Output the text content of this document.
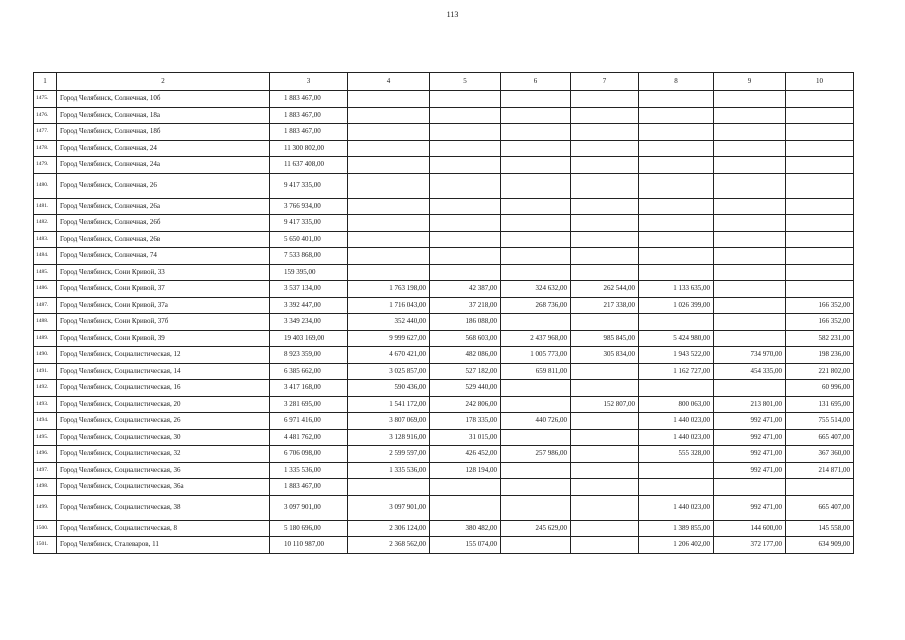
113
1	2	3	4	5	6	7	8	9	10
1475.	Город Челябинск, Солнечная, 10б	1 883 467,00							
1476.	Город Челябинск, Солнечная, 18а	1 883 467,00							
1477.	Город Челябинск, Солнечная, 18б	1 883 467,00							
1478.	Город Челябинск, Солнечная, 24	11 300 802,00							
1479.	Город Челябинск, Солнечная, 24а	11 637 408,00							
1480.	Город Челябинск, Солнечная, 26	9 417 335,00							
1481.	Город Челябинск, Солнечная, 26а	3 766 934,00							
1482.	Город Челябинск, Солнечная, 26б	9 417 335,00							
1483.	Город Челябинск, Солнечная, 26в	5 650 401,00							
1484.	Город Челябинск, Солнечная, 74	7 533 868,00							
1485.	Город Челябинск, Сони Кривой, 33	159 395,00							
1486.	Город Челябинск, Сони Кривой, 37	3 537 134,00	1 763 198,00	42 387,00	324 632,00	262 544,00	1 133 635,00		
1487.	Город Челябинск, Сони Кривой, 37а	3 392 447,00	1 716 043,00	37 218,00	268 736,00	217 338,00	1 026 399,00		166 352,00
1488.	Город Челябинск, Сони Кривой, 37б	3 349 234,00	352 440,00	186 088,00					166 352,00
1489.	Город Челябинск, Сони Кривой, 39	19 403 169,00	9 999 627,00	568 603,00	2 437 968,00	985 845,00	5 424 980,00		582 231,00
1490.	Город Челябинск, Социалистическая, 12	8 923 359,00	4 670 421,00	482 086,00	1 005 773,00	305 834,00	1 943 522,00	734 970,00	198 236,00
1491.	Город Челябинск, Социалистическая, 14	6 385 662,00	3 025 857,00	527 182,00	659 811,00		1 162 727,00	454 335,00	221 802,00
1492.	Город Челябинск, Социалистическая, 16	3 417 168,00	590 436,00	529 440,00					60 996,00
1493.	Город Челябинск, Социалистическая, 20	3 281 695,00	1 541 172,00	242 806,00		152 807,00	800 063,00	213 801,00	131 695,00
1494.	Город Челябинск, Социалистическая, 26	6 971 416,00	3 807 069,00	178 335,00	440 726,00		1 440 023,00	992 471,00	755 514,00
1495.	Город Челябинск, Социалистическая, 30	4 481 762,00	3 128 916,00	31 015,00			1 440 023,00	992 471,00	665 407,00
1496.	Город Челябинск, Социалистическая, 32	6 706 098,00	2 599 597,00	426 452,00	257 986,00		555 328,00	992 471,00	367 360,00
1497.	Город Челябинск, Социалистическая, 36	1 335 536,00	1 335 536,00	128 194,00				992 471,00	214 871,00
1498.	Город Челябинск, Социалистическая, 36а	1 883 467,00							
1499.	Город Челябинск, Социалистическая, 38	3 097 901,00	3 097 901,00				1 440 023,00	992 471,00	665 407,00
1500.	Город Челябинск, Социалистическая, 8	5 180 696,00	2 306 124,00	380 482,00	245 629,00		1 389 855,00	144 600,00	145 558,00
1501.	Город Челябинск, Сталеваров, 11	10 110 987,00	2 368 562,00	155 074,00			1 206 402,00	372 177,00	634 909,00
